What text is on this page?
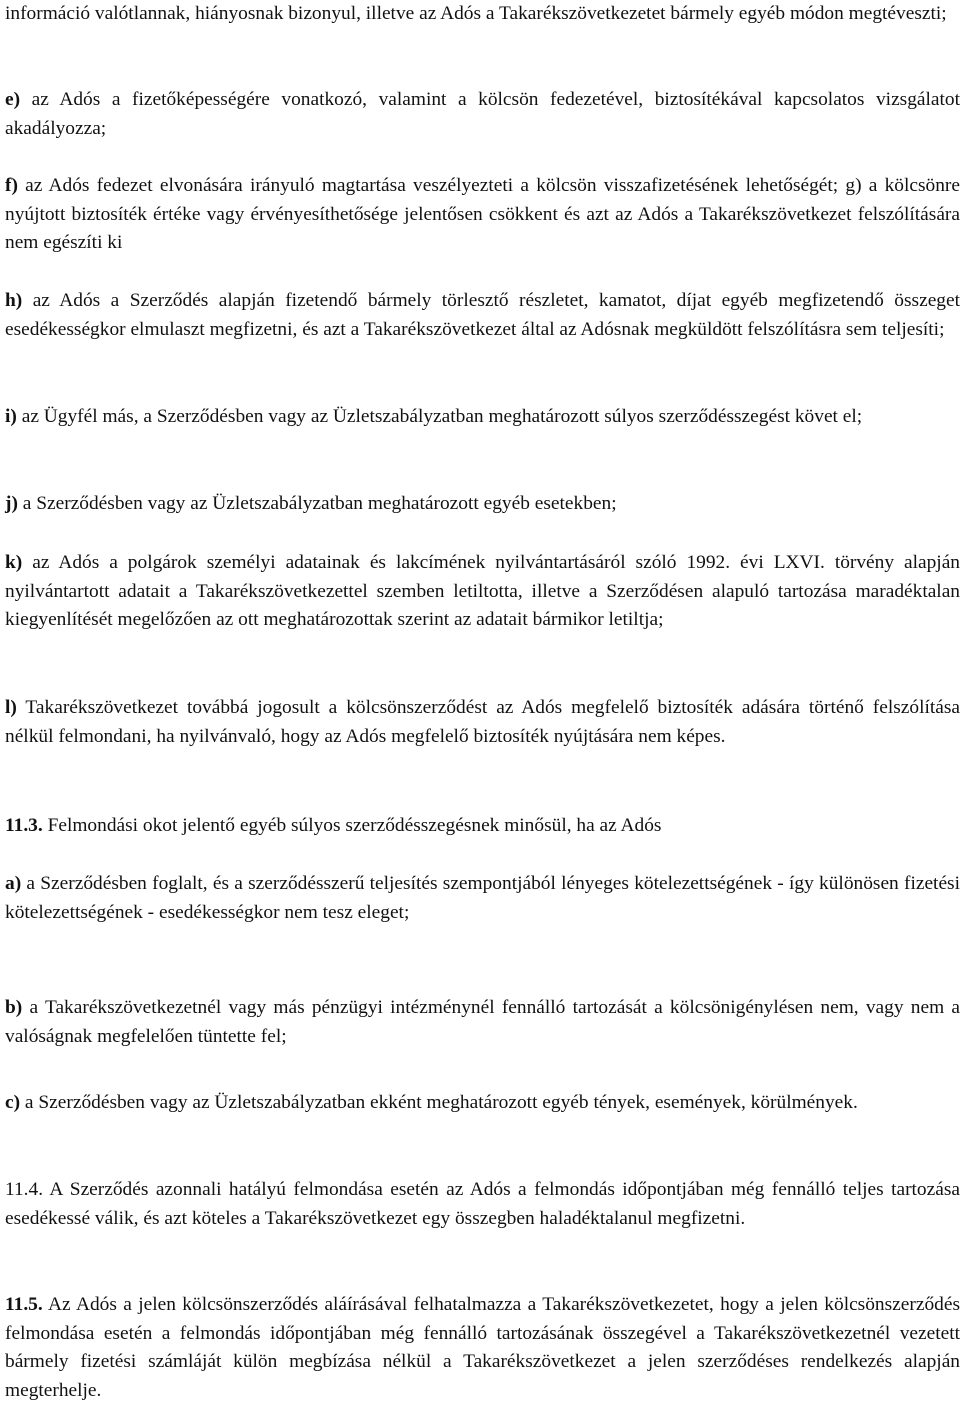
információ valótlannak, hiányosnak bizonyul, illetve az Adós a Takarékszövetkezetet bármely egyéb módon megtéveszti;

e) az Adós a fizetőképességére vonatkozó, valamint a kölcsön fedezetével, biztosítékával kapcsolatos vizsgálatot akadályozza;

f) az Adós fedezet elvonására irányuló magtartása veszélyezteti a kölcsön visszafizetésének lehetőségét; g) a kölcsönre nyújtott biztosíték értéke vagy érvényesíthetősége jelentősen csökkent és azt az Adós a Takarékszövetkezet felszólítására nem egészíti ki

h) az Adós a Szerződés alapján fizetendő bármely törlesztő részletet, kamatot, díjat egyéb megfizetendő összeget esedékességkor elmulaszt megfizetni, és azt a Takarékszövetkezet által az Adósnak megküldött felszólításra sem teljesíti;

i) az Ügyfél más, a Szerződésben vagy az Üzletszabályzatban meghatározott súlyos szerződésszegést követ el;

j) a Szerződésben vagy az Üzletszabályzatban meghatározott egyéb esetekben;

k) az Adós a polgárok személyi adatainak és lakcímének nyilvántartásáról szóló 1992. évi LXVI. törvény alapján nyilvántartott adatait a Takarékszövetkezettel szemben letiltotta, illetve a Szerződésen alapuló tartozása maradéktalan kiegyenlítését megelőzően az ott meghatározottak szerint az adatait bármikor letiltja;

l) Takarékszövetkezet továbbá jogosult a kölcsönszerződést az Adós megfelelő biztosíték adására történő felszólítása nélkül felmondani, ha nyilvánvaló, hogy az Adós megfelelő biztosíték nyújtására nem képes.

11.3. Felmondási okot jelentő egyéb súlyos szerződésszegésnek minősül, ha az Adós

a) a Szerződésben foglalt, és a szerződésszerű teljesítés szempontjából lényeges kötelezettségének - így különösen fizetési kötelezettségének - esedékességkor nem tesz eleget;

b) a Takarékszövetkezetnél vagy más pénzügyi intézménynél fennálló tartozását a kölcsönigénylésen nem, vagy nem a valóságnak megfelelően tüntette fel;

c) a Szerződésben vagy az Üzletszabályzatban ekként meghatározott egyéb tények, események, körülmények.

11.4. A Szerződés azonnali hatályú felmondása esetén az Adós a felmondás időpontjában még fennálló teljes tartozása esedékessé válik, és azt köteles a Takarékszövetkezet egy összegben haladéktalanul megfizetni.

11.5. Az Adós a jelen kölcsönszerződés aláírásával felhatalmazza a Takarékszövetkezetet, hogy a jelen kölcsönszerződés felmondása esetén a felmondás időpontjában még fennálló tartozásának összegével a Takarékszövetkezetnél vezetett bármely fizetési számláját külön megbízása nélkül a Takarékszövetkezet a jelen szerződéses rendelkezés alapján megterhelje.
